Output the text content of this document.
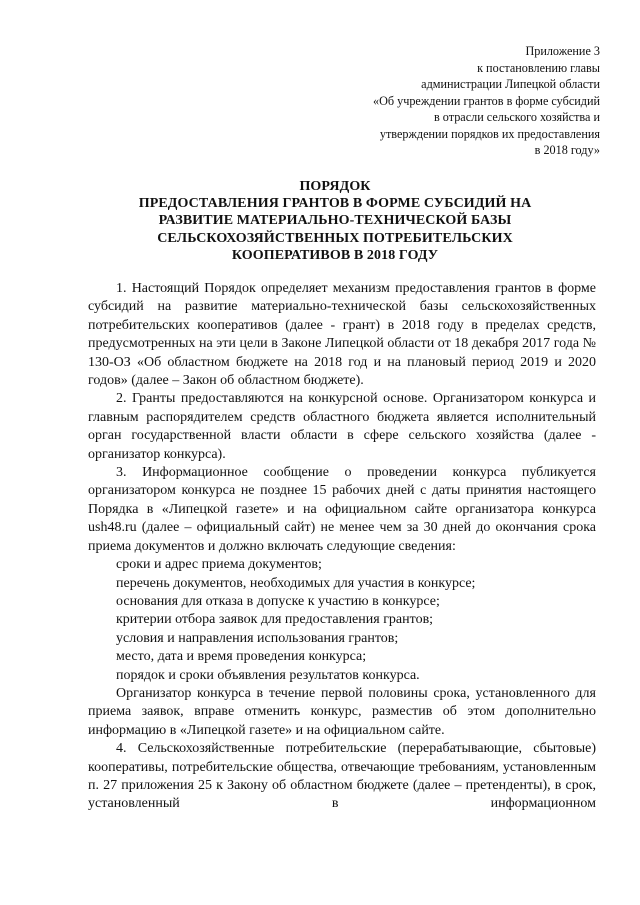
Приложение 3
к постановлению главы
администрации Липецкой области
«Об учреждении грантов в форме субсидий
в отрасли сельского хозяйства и
утверждении порядков их предоставления
в 2018 году»
ПОРЯДОК
ПРЕДОСТАВЛЕНИЯ ГРАНТОВ В ФОРМЕ СУБСИДИЙ НА
РАЗВИТИЕ МАТЕРИАЛЬНО-ТЕХНИЧЕСКОЙ БАЗЫ
СЕЛЬСКОХОЗЯЙСТВЕННЫХ ПОТРЕБИТЕЛЬСКИХ
КООПЕРАТИВОВ В 2018 ГОДУ

1. Настоящий Порядок определяет механизм предоставления грантов в форме субсидий на развитие материально-технической базы сельскохозяйственных потребительских кооперативов (далее - грант) в 2018 году в пределах средств, предусмотренных на эти цели в Законе Липецкой области от 18 декабря 2017 года № 130-ОЗ «Об областном бюджете на 2018 год и на плановый период 2019 и 2020 годов» (далее – Закон об областном бюджете).

2. Гранты предоставляются на конкурсной основе. Организатором конкурса и главным распорядителем средств областного бюджета является исполнительный орган государственной власти области в сфере сельского хозяйства (далее - организатор конкурса).

3. Информационное сообщение о проведении конкурса публикуется организатором конкурса не позднее 15 рабочих дней с даты принятия настоящего Порядка в «Липецкой газете» и на официальном сайте организатора конкурса ush48.ru (далее – официальный сайт) не менее чем за 30 дней до окончания срока приема документов и должно включать следующие сведения:

сроки и адрес приема документов;

перечень документов, необходимых для участия в конкурсе;

основания для отказа в допуске к участию в конкурсе;

критерии отбора заявок для предоставления грантов;

условия и направления использования грантов;

место, дата и время проведения конкурса;

порядок и сроки объявления результатов конкурса.

Организатор конкурса в течение первой половины срока, установленного для приема заявок, вправе отменить конкурс, разместив об этом дополнительно информацию в «Липецкой газете» и на официальном сайте.

4. Сельскохозяйственные потребительские (перерабатывающие, сбытовые) кооперативы, потребительские общества, отвечающие требованиям, установленным п. 27 приложения 25 к Закону об областном бюджете (далее – претенденты), в срок, установленный в информационном
